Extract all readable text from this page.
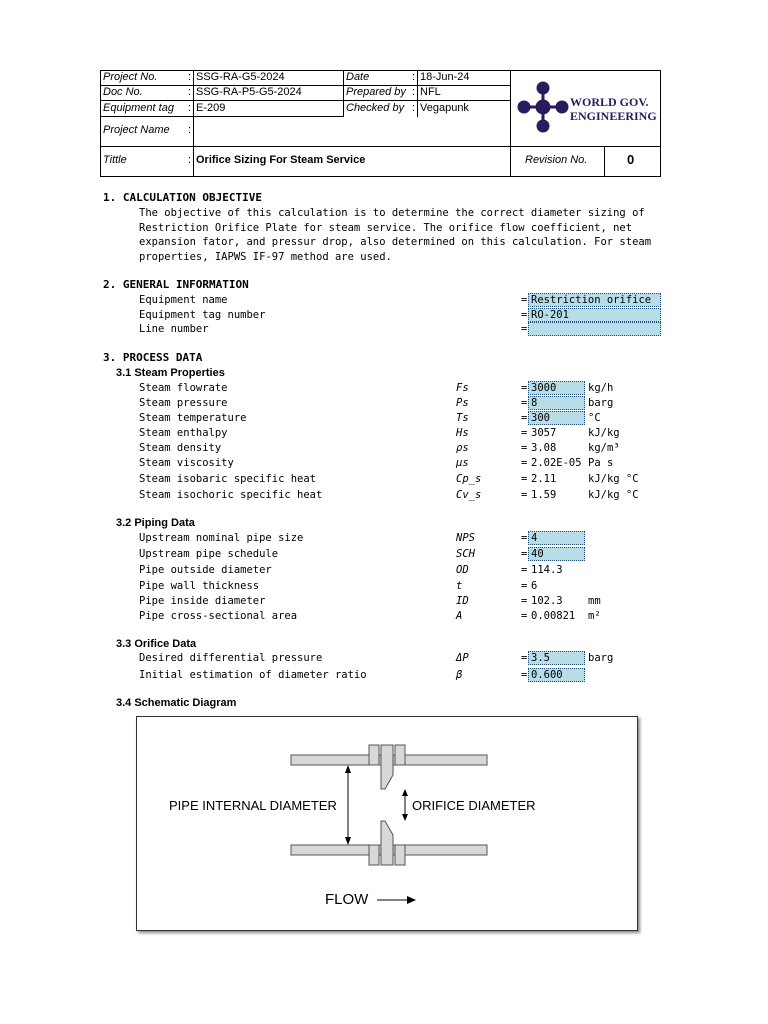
Project No.	: SSG-RA-G5-2024
Doc No.	: SSG-RA-P5-G5-2024
Equipment tag : E-209
Project Name :
Date	: 18-Jun-24
Prepared by : NFL
Checked by : Vegapunk
Tittle	: Orifice Sizing For Steam Service	Revision No.	0
WORLD GOV.
ENGINEERING
1. CALCULATION OBJECTIVE
The objective of this calculation is to determine the correct diameter sizing of Restriction Orifice Plate for steam service. The orifice flow coefficient, net expansion fator, and pressur drop, also determined on this calculation. For steam properties, IAPWS IF-97 method are used.
2. GENERAL INFORMATION
Equipment name	= Restriction orifice
Equipment tag number	= RO-201
Line number	=
3. PROCESS DATA
3.1 Steam Properties
Steam flowrate	Fs	= 3000	kg/h
Steam pressure	Ps	= 8	barg
Steam temperature	Ts	= 300	°C
Steam enthalpy	Hs	= 3057	kJ/kg
Steam density	ρs	= 3.08	kg/m³
Steam viscosity	µs	= 2.02E-05 Pa s
Steam isobaric specific heat	Cp_s	= 2.11	kJ/kg °C
Steam isochoric specific heat	Cv_s	= 1.59	kJ/kg °C
3.2 Piping Data
Upstream nominal pipe size	NPS	= 4
Upstream pipe schedule	SCH	= 40
Pipe outside diameter	OD	= 114.3
Pipe wall thickness	t	= 6
Pipe inside diameter	ID	= 102.3 mm
Pipe cross-sectional area	A	= 0.00821 m²
3.3 Orifice Data
Desired differential pressure	ΔP	= 3.5	barg
Initial estimation of diameter ratio	β	= 0.600
3.4 Schematic Diagram
PIPE INTERNAL DIAMETER	ORIFICE DIAMETER
FLOW
